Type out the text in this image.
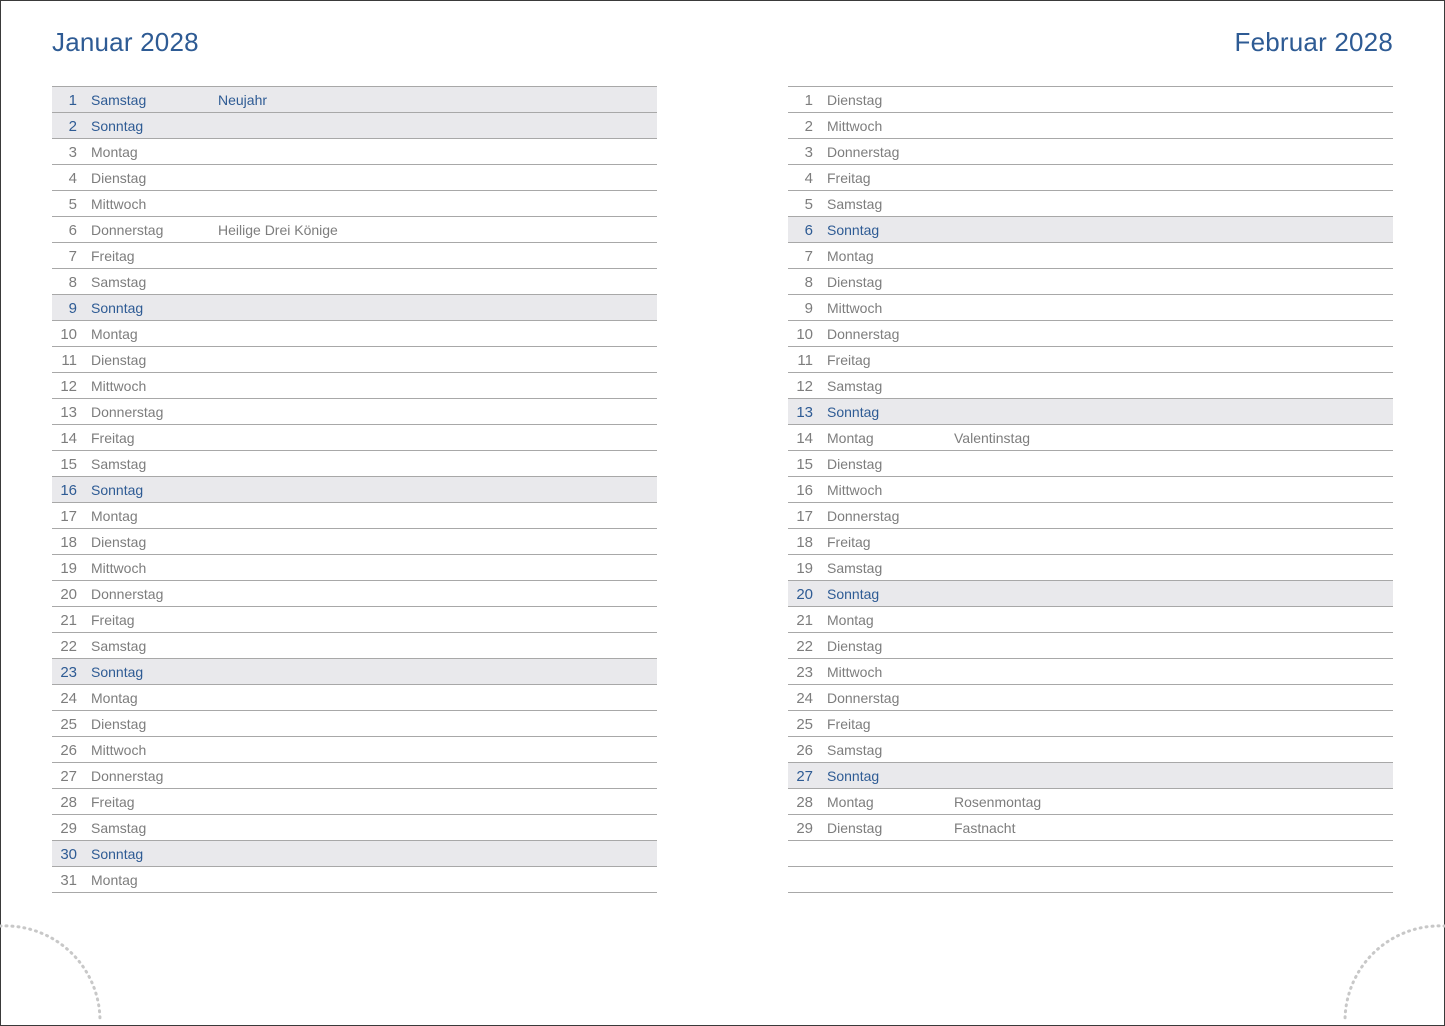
Januar 2028	Februar 2028
1 Samstag	Neujahr
2 Sonntag
3 Montag
4 Dienstag
5 Mittwoch
6 Donnerstag	Heilige Drei Könige
7 Freitag
8 Samstag
9 Sonntag
10 Montag
11 Dienstag
12 Mittwoch
13 Donnerstag
14 Freitag
15 Samstag
16 Sonntag
17 Montag
18 Dienstag
19 Mittwoch
20 Donnerstag
21 Freitag
22 Samstag
23 Sonntag
24 Montag
25 Dienstag
26 Mittwoch
27 Donnerstag
28 Freitag
29 Samstag
30 Sonntag
31 Montag
1 Dienstag
2 Mittwoch
3 Donnerstag
4 Freitag
5 Samstag
6 Sonntag
7 Montag
8 Dienstag
9 Mittwoch
10 Donnerstag
11 Freitag
12 Samstag
13 Sonntag
14 Montag	Valentinstag
15 Dienstag
16 Mittwoch
17 Donnerstag
18 Freitag
19 Samstag
20 Sonntag
21 Montag
22 Dienstag
23 Mittwoch
24 Donnerstag
25 Freitag
26 Samstag
27 Sonntag
28 Montag	Rosenmontag
29 Dienstag	Fastnacht
